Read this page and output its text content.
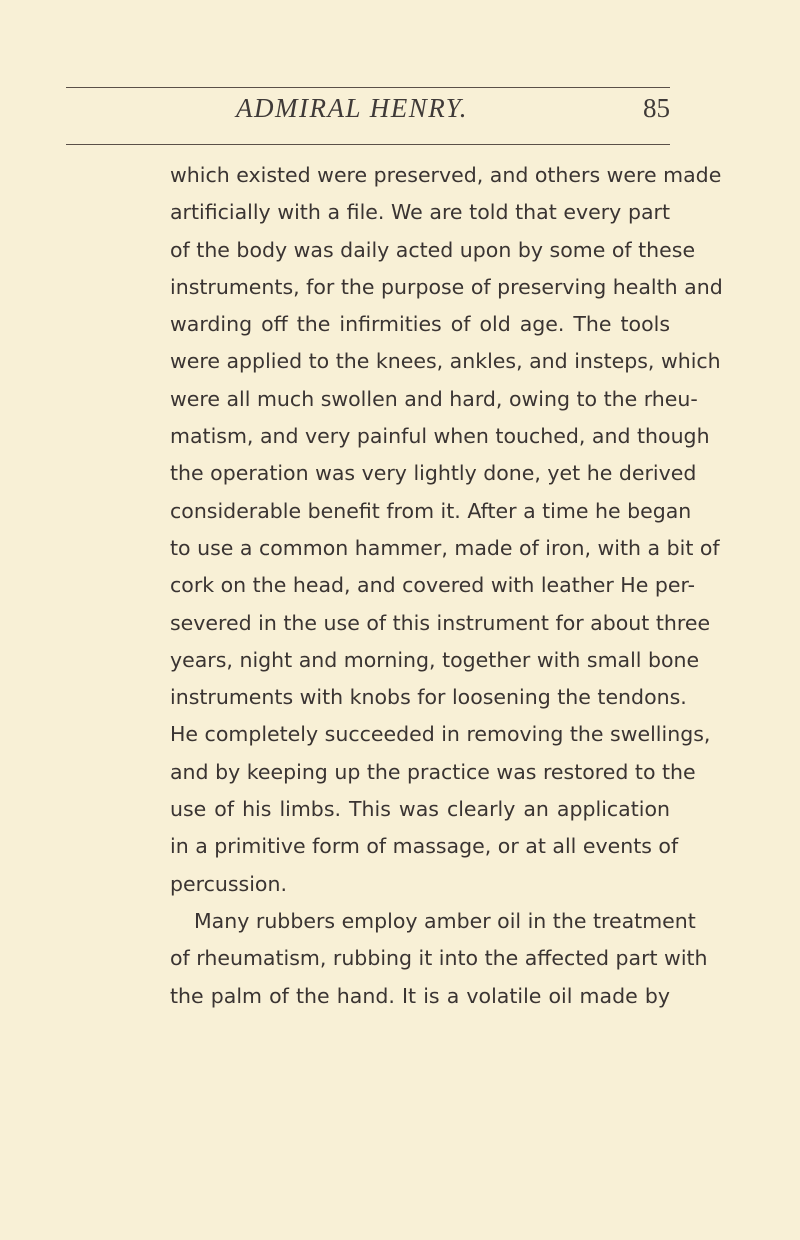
ADMIRAL HENRY.	85
which existed were preserved, and others were made
artificially with a file. We are told that every part
of the body was daily acted upon by some of these
instruments, for the purpose of preserving health and
warding off the infirmities of old age. The tools
were applied to the knees, ankles, and insteps, which
were all much swollen and hard, owing to the rheu-
matism, and very painful when touched, and though
the operation was very lightly done, yet he derived
considerable benefit from it. After a time he began
to use a common hammer, made of iron, with a bit of
cork on the head, and covered with leather He per-
severed in the use of this instrument for about three
years, night and morning, together with small bone
instruments with knobs for loosening the tendons.
He completely succeeded in removing the swellings,
and by keeping up the practice was restored to the
use of his limbs. This was clearly an application
in a primitive form of massage, or at all events of
percussion.
Many rubbers employ amber oil in the treatment
of rheumatism, rubbing it into the affected part with
the palm of the hand. It is a volatile oil made by
